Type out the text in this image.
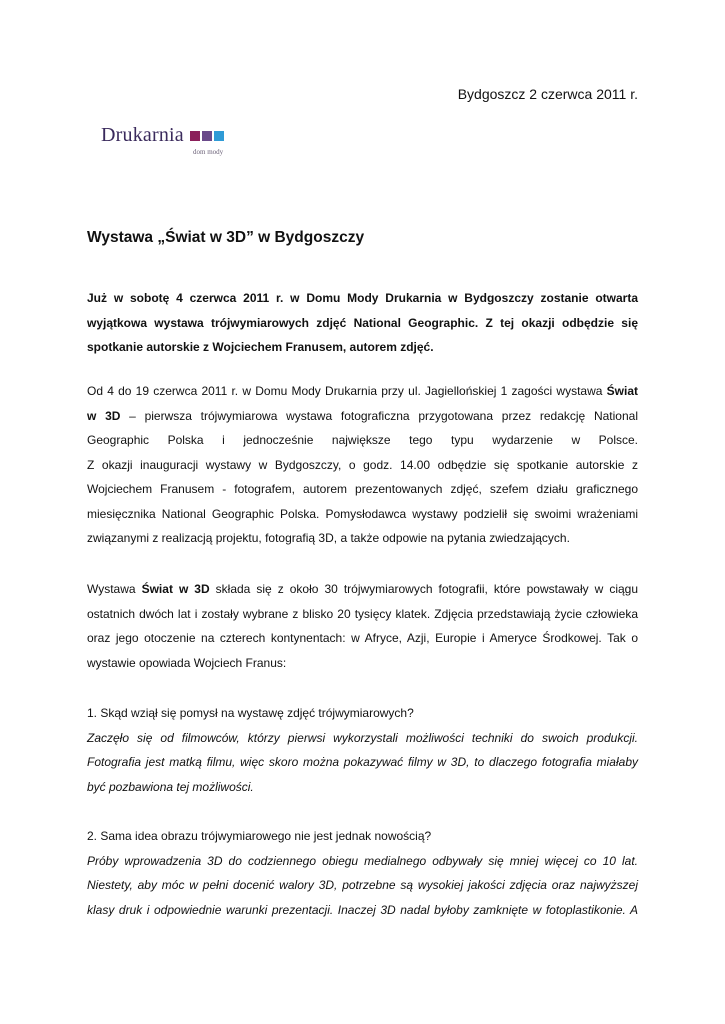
Bydgoszcz 2 czerwca 2011 r.
Drukarnia
dom mody
Wystawa „Świat w 3D” w Bydgoszczy
Już w sobotę 4 czerwca 2011 r. w Domu Mody Drukarnia w Bydgoszczy zostanie otwarta
wyjątkowa wystawa trójwymiarowych zdjęć National Geographic. Z tej okazji odbędzie się
spotkanie autorskie z Wojciechem Franusem, autorem zdjęć.
Od 4 do 19 czerwca 2011 r. w Domu Mody Drukarnia przy ul. Jagiellońskiej 1 zagości wystawa Świat
w 3D – pierwsza trójwymiarowa wystawa fotograficzna przygotowana przez redakcję National
Geographic Polska i jednocześnie największe tego typu wydarzenie w Polsce.
Z okazji inauguracji wystawy w Bydgoszczy, o godz. 14.00 odbędzie się spotkanie autorskie z
Wojciechem Franusem - fotografem, autorem prezentowanych zdjęć, szefem działu graficznego
miesięcznika National Geographic Polska. Pomysłodawca wystawy podzielił się swoimi wrażeniami
związanymi z realizacją projektu, fotografią 3D, a także odpowie na pytania zwiedzających.
Wystawa Świat w 3D składa się z około 30 trójwymiarowych fotografii, które powstawały w ciągu
ostatnich dwóch lat i zostały wybrane z blisko 20 tysięcy klatek. Zdjęcia przedstawiają życie człowieka
oraz jego otoczenie na czterech kontynentach: w Afryce, Azji, Europie i Ameryce Środkowej. Tak o
wystawie opowiada Wojciech Franus:
1. Skąd wziął się pomysł na wystawę zdjęć trójwymiarowych?
Zaczęło się od filmowców, którzy pierwsi wykorzystali możliwości techniki do swoich produkcji.
Fotografia jest matką filmu, więc skoro można pokazywać filmy w 3D, to dlaczego fotografia miałaby
być pozbawiona tej możliwości.
2. Sama idea obrazu trójwymiarowego nie jest jednak nowością?
Próby wprowadzenia 3D do codziennego obiegu medialnego odbywały się mniej więcej co 10 lat.
Niestety, aby móc w pełni docenić walory 3D, potrzebne są wysokiej jakości zdjęcia oraz najwyższej
klasy druk i odpowiednie warunki prezentacji. Inaczej 3D nadal byłoby zamknięte w fotoplastikonie. A
